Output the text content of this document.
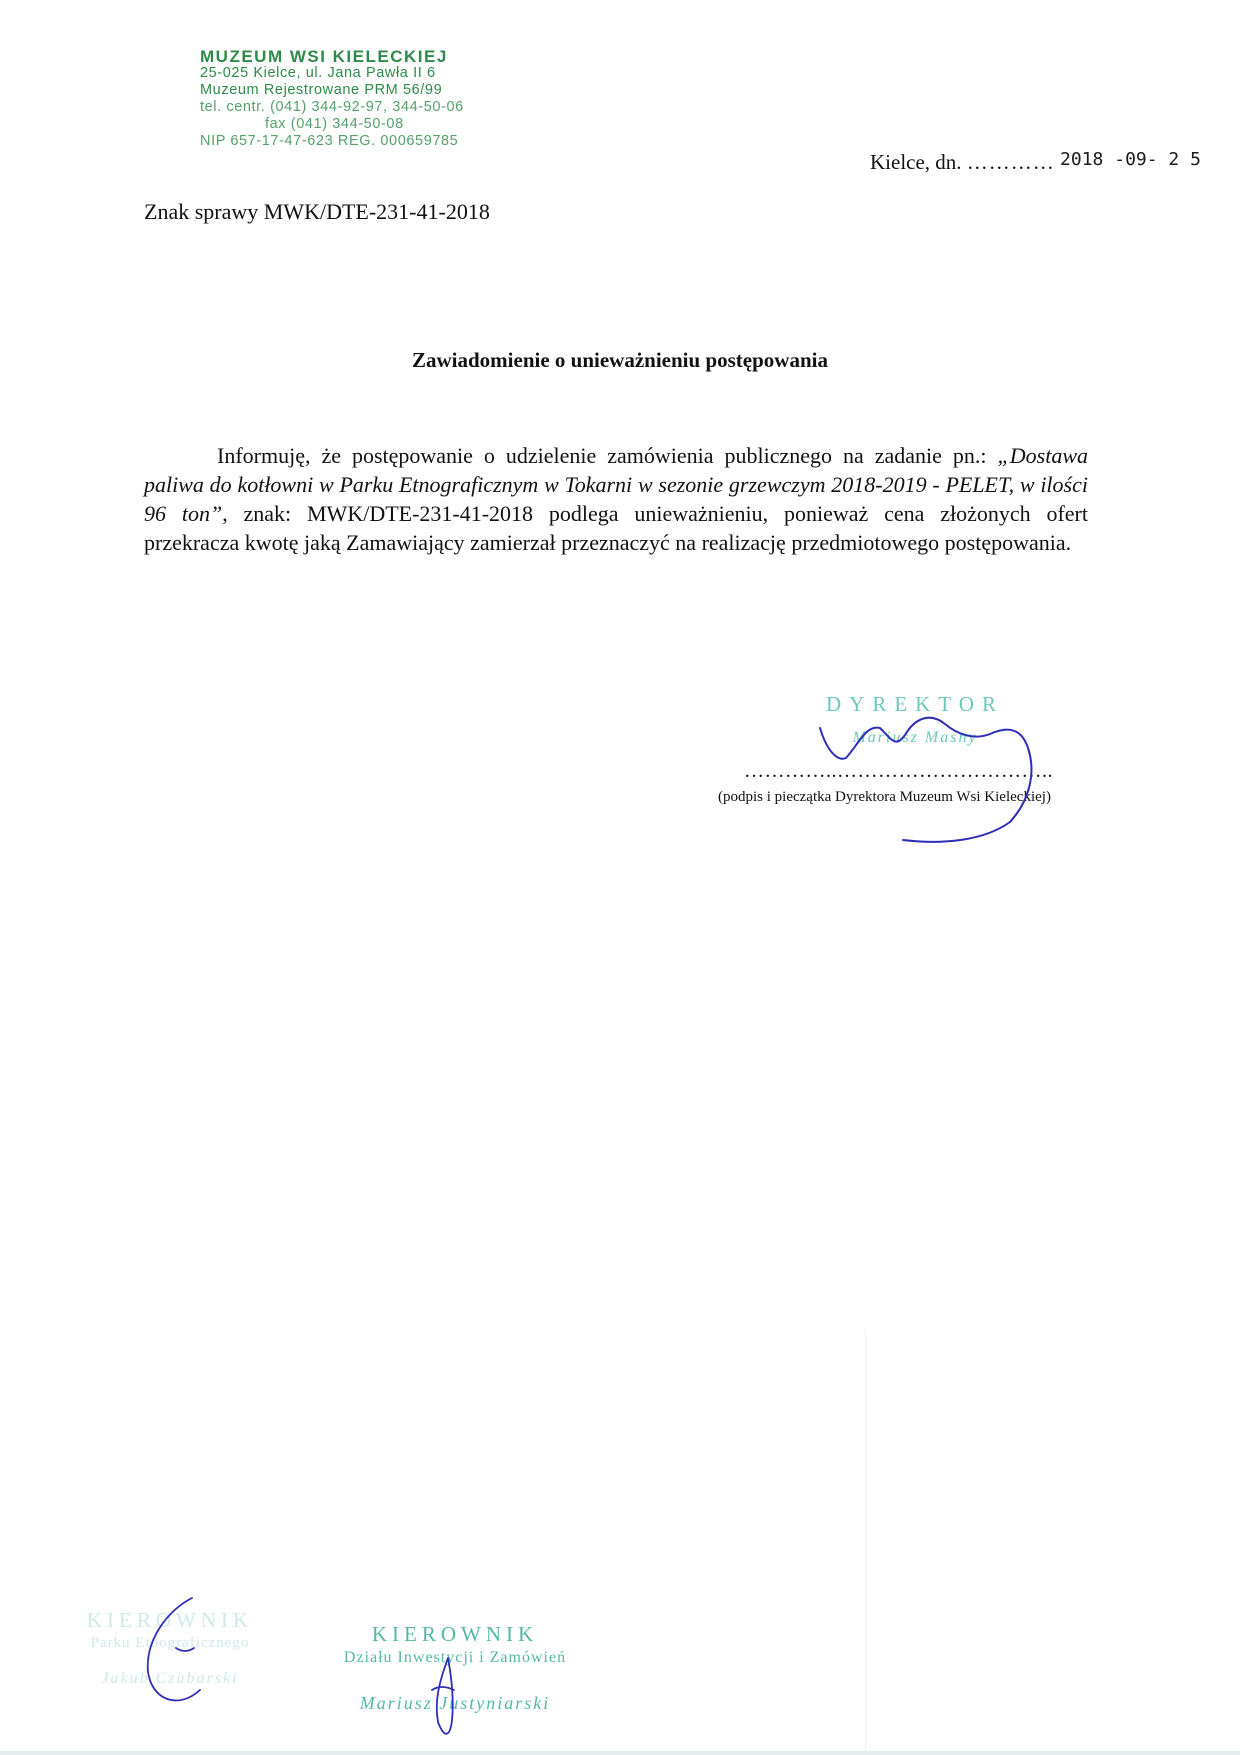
MUZEUM WSI KIELECKIEJ
25-025 Kielce, ul. Jana Pawła II 6
Muzeum Rejestrowane PRM 56/99
tel. centr. (041) 344-92-97, 344-50-06
fax (041) 344-50-08
NIP 657-17-47-623 REG. 000659785
Kielce, dn. ………… 2018 -09- 2 5
Znak sprawy MWK/DTE-231-41-2018
Zawiadomienie o unieważnieniu postępowania

Informuję, że postępowanie o udzielenie zamówienia publicznego na zadanie pn.: „Dostawa paliwa do kotłowni w Parku Etnograficznym w Tokarni w sezonie grzewczym 2018-2019 - PELET, w ilości 96 ton”, znak: MWK/DTE-231-41-2018 podlega unieważnieniu, ponieważ cena złożonych ofert przekracza kwotę jaką Zamawiający zamierzał przeznaczyć na realizację przedmiotowego postępowania.

DYREKTOR
Mariusz Masny
…………..…………………………..
(podpis i pieczątka Dyrektora Muzeum Wsi Kieleckiej)
KIEROWNIK
Parku Etnograficznego
Jakub Czubarski
KIEROWNIK
Działu Inwestycji i Zamówień
Mariusz Justyniarski
